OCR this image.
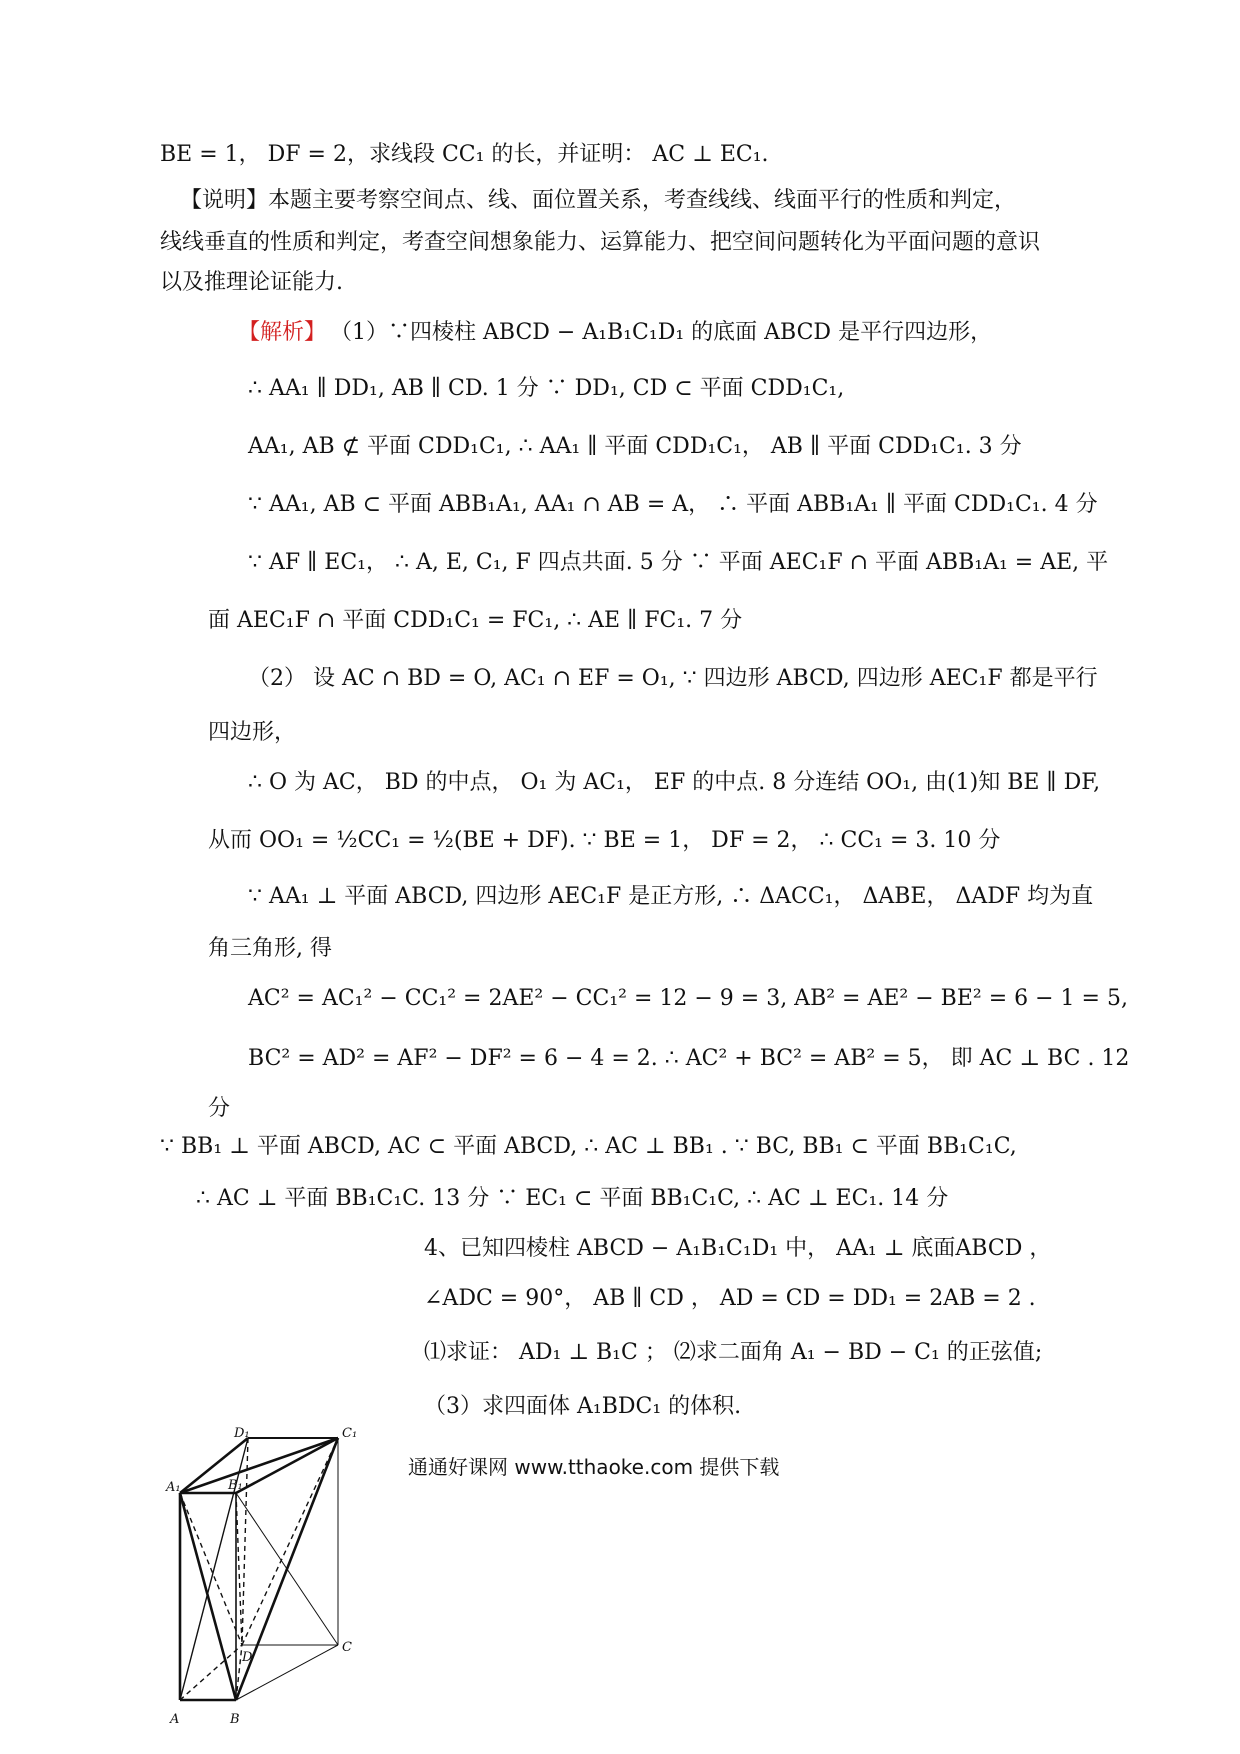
BE = 1， DF = 2，求线段 CC₁ 的长，并证明： AC ⊥ EC₁.
【说明】本题主要考察空间点、线、面位置关系，考查线线、线面平行的性质和判定，
线线垂直的性质和判定，考查空间想象能力、运算能力、把空间问题转化为平面问题的意识
以及推理论证能力.
【解析】 （1）∵四棱柱 ABCD − A₁B₁C₁D₁ 的底面 ABCD 是平行四边形，
∴ AA₁ ∥ DD₁, AB ∥ CD. 1 分 ∵ DD₁, CD ⊂ 平面 CDD₁C₁,
AA₁, AB ⊄ 平面 CDD₁C₁, ∴ AA₁ ∥ 平面 CDD₁C₁， AB ∥ 平面 CDD₁C₁. 3 分
∵ AA₁, AB ⊂ 平面 ABB₁A₁, AA₁ ∩ AB = A， ∴ 平面 ABB₁A₁ ∥ 平面 CDD₁C₁. 4 分
∵ AF ∥ EC₁， ∴ A, E, C₁, F 四点共面. 5 分 ∵ 平面 AEC₁F ∩ 平面 ABB₁A₁ = AE, 平
面 AEC₁F ∩ 平面 CDD₁C₁ = FC₁, ∴ AE ∥ FC₁. 7 分
（2） 设 AC ∩ BD = O, AC₁ ∩ EF = O₁, ∵ 四边形 ABCD, 四边形 AEC₁F 都是平行
四边形，
∴ O 为 AC， BD 的中点， O₁ 为 AC₁， EF 的中点. 8 分连结 OO₁, 由(1)知 BE ∥ DF,
从而 OO₁ = ½CC₁ = ½(BE + DF). ∵ BE = 1， DF = 2， ∴ CC₁ = 3. 10 分
∵ AA₁ ⊥ 平面 ABCD, 四边形 AEC₁F 是正方形, ∴ ΔACC₁， ΔABE， ΔADF 均为直
角三角形, 得
AC² = AC₁² − CC₁² = 2AE² − CC₁² = 12 − 9 = 3, AB² = AE² − BE² = 6 − 1 = 5,
BC² = AD² = AF² − DF² = 6 − 4 = 2. ∴ AC² + BC² = AB² = 5， 即 AC ⊥ BC . 12
分
∵ BB₁ ⊥ 平面 ABCD, AC ⊂ 平面 ABCD, ∴ AC ⊥ BB₁ . ∵ BC, BB₁ ⊂ 平面 BB₁C₁C,
∴ AC ⊥ 平面 BB₁C₁C. 13 分 ∵ EC₁ ⊂ 平面 BB₁C₁C, ∴ AC ⊥ EC₁. 14 分
4、已知四棱柱 ABCD − A₁B₁C₁D₁ 中， AA₁ ⊥ 底面ABCD ，
∠ADC = 90°， AB ∥ CD ， AD = CD = DD₁ = 2AB = 2 .
⑴求证： AD₁ ⊥ B₁C ； ⑵求二面角 A₁ − BD − C₁ 的正弦值;
（3）求四面体 A₁BDC₁ 的体积.
通通好课网 www.tthaoke.com 提供下载
D₁	C₁
A₁	B₁
D
C
A	B
